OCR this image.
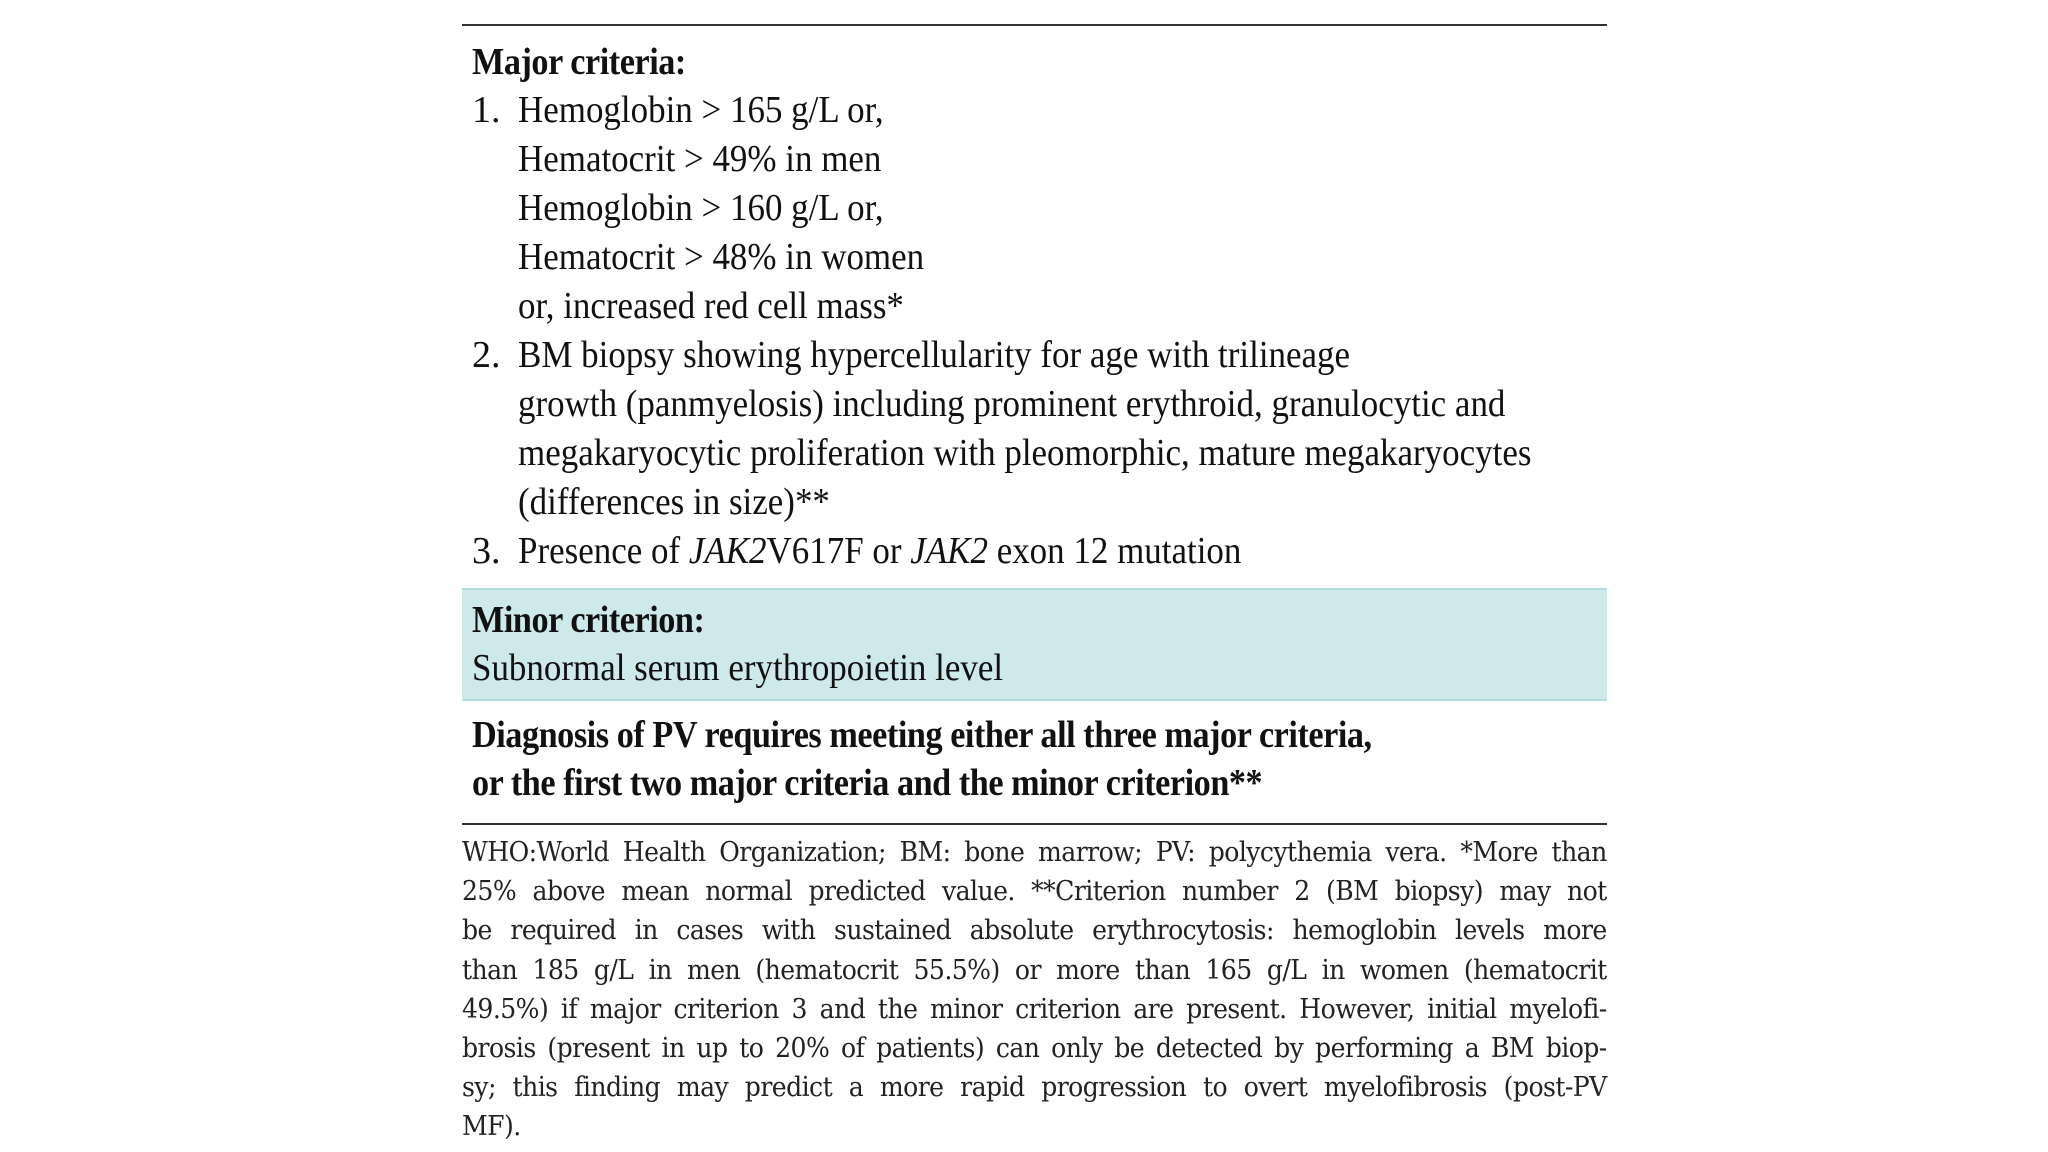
Major criteria:
1. Hemoglobin > 165 g/L or,
Hematocrit > 49% in men
Hemoglobin > 160 g/L or,
Hematocrit > 48% in women
or, increased red cell mass*
2. BM biopsy showing hypercellularity for age with trilineage
growth (panmyelosis) including prominent erythroid, granulocytic and
megakaryocytic proliferation with pleomorphic, mature megakaryocytes
(differences in size)**
3. Presence of JAK2V617F or JAK2 exon 12 mutation
Minor criterion:
Subnormal serum erythropoietin level
Diagnosis of PV requires meeting either all three major criteria,
or the first two major criteria and the minor criterion**
WHO:World Health Organization; BM: bone marrow; PV: polycythemia vera. *More than
25% above mean normal predicted value. **Criterion number 2 (BM biopsy) may not
be required in cases with sustained absolute erythrocytosis: hemoglobin levels more
than 185 g/L in men (hematocrit 55.5%) or more than 165 g/L in women (hematocrit
49.5%) if major criterion 3 and the minor criterion are present. However, initial myelofi-
brosis (present in up to 20% of patients) can only be detected by performing a BM biop-
sy; this finding may predict a more rapid progression to overt myelofibrosis (post-PV
MF).
